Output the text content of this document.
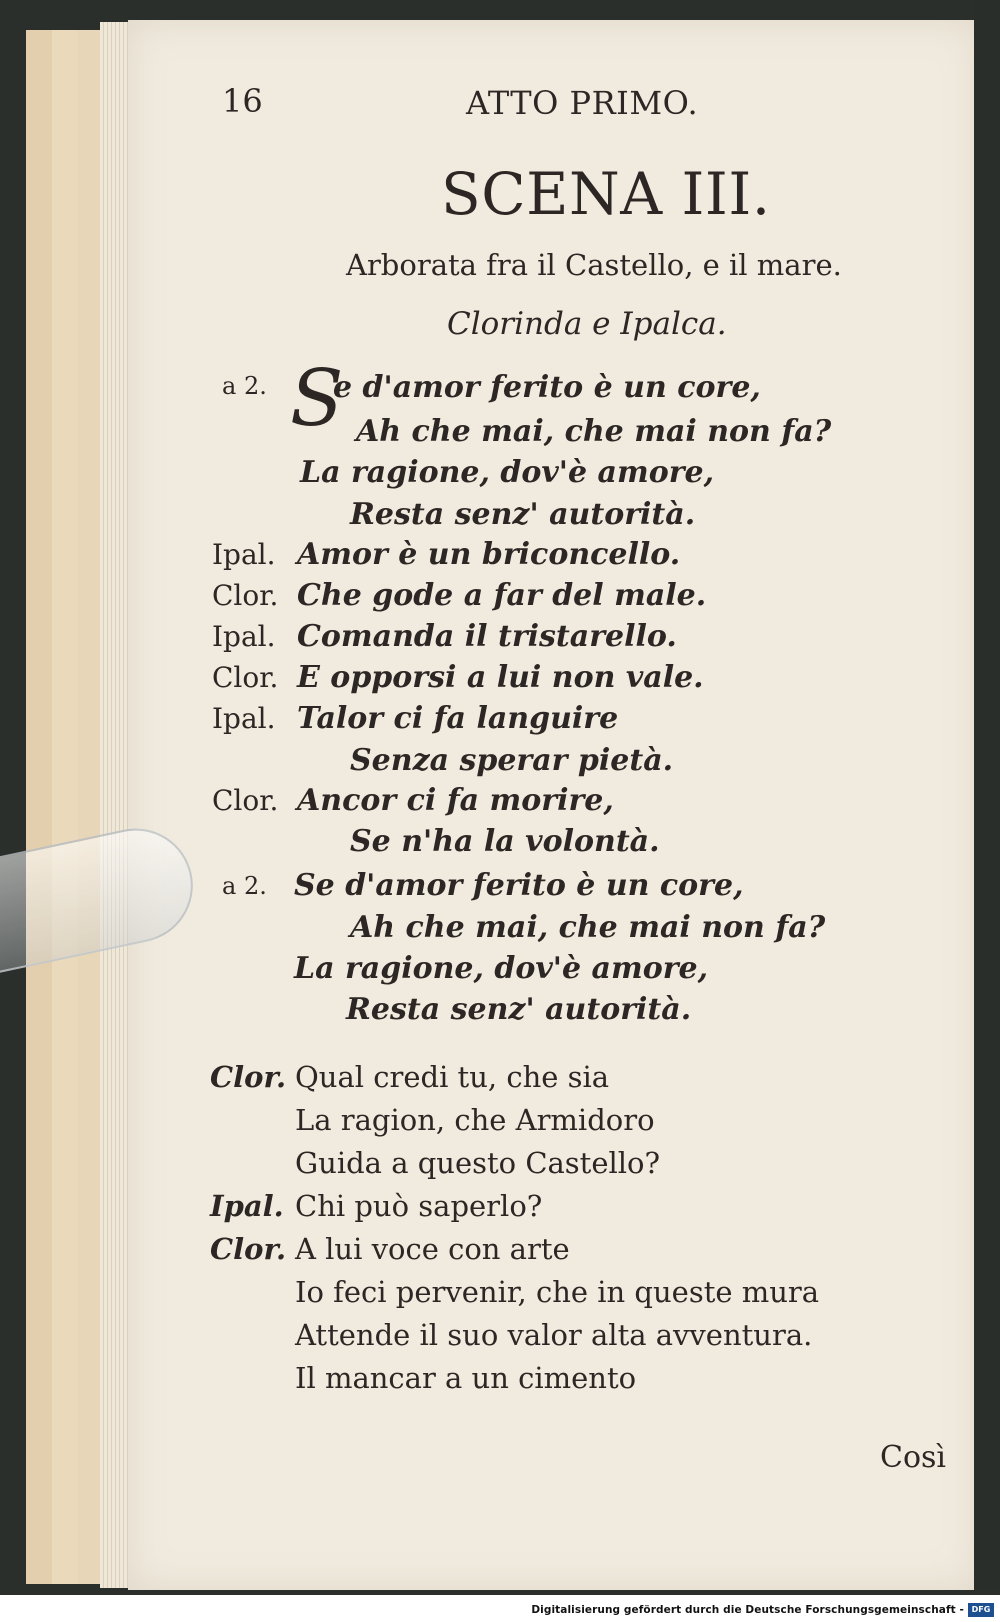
16	ATTO PRIMO.
SCENA III.
Arborata fra il Castello, e il mare.
Clorinda e Ipalca.
S
a 2. e d'amor ferito è un core,
Ah che mai, che mai non fa?
La ragione, dov'è amore,
Resta senz' autorità.
Ipal. Amor è un briconcello.
Clor. Che gode a far del male.
Ipal. Comanda il tristarello.
Clor. E opporsi a lui non vale.
Ipal. Talor ci fa languire
Senza sperar pietà.
Clor. Ancor ci fa morire,
Se n'ha la volontà.
a 2. Se d'amor ferito è un core,
Ah che mai, che mai non fa?
La ragione, dov'è amore,
Resta senz' autorità.
Clor. Qual credi tu, che sia
La ragion, che Armidoro
Guida a questo Castello?
Ipal. Chi può saperlo?
Clor. A lui voce con arte
Io feci pervenir, che in queste mura
Attende il suo valor alta avventura.
Il mancar a un cimento
Così
Digitalisierung gefördert durch die Deutsche Forschungsgemeinschaft - DFG
